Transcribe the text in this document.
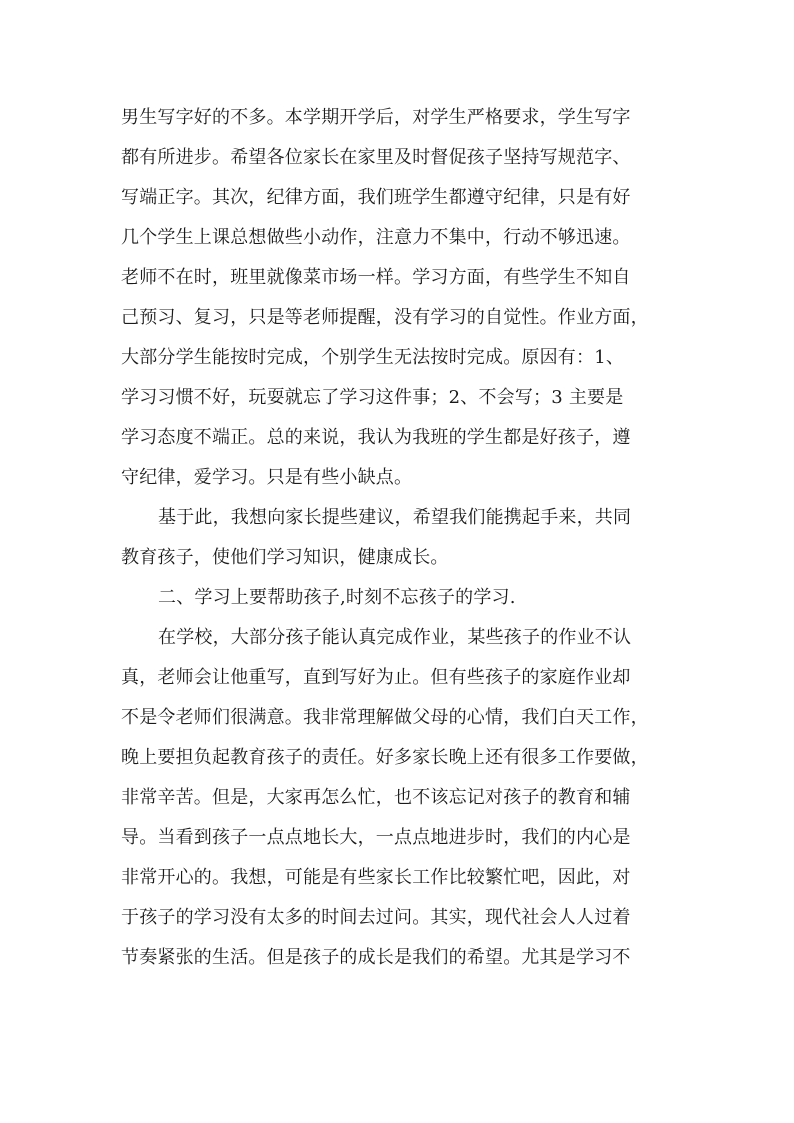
男生写字好的不多。本学期开学后，对学生严格要求，学生写字
都有所进步。希望各位家长在家里及时督促孩子坚持写规范字、
写端正字。其次，纪律方面，我们班学生都遵守纪律，只是有好
几个学生上课总想做些小动作，注意力不集中，行动不够迅速。
老师不在时，班里就像菜市场一样。学习方面，有些学生不知自
己预习、复习，只是等老师提醒，没有学习的自觉性。作业方面，
大部分学生能按时完成，个别学生无法按时完成。原因有：1、
学习习惯不好，玩耍就忘了学习这件事；2、不会写；3 主要是
学习态度不端正。总的来说，我认为我班的学生都是好孩子，遵
守纪律，爱学习。只是有些小缺点。
基于此，我想向家长提些建议，希望我们能携起手来，共同
教育孩子，使他们学习知识，健康成长。
二、学习上要帮助孩子,时刻不忘孩子的学习.
在学校，大部分孩子能认真完成作业，某些孩子的作业不认
真，老师会让他重写，直到写好为止。但有些孩子的家庭作业却
不是令老师们很满意。我非常理解做父母的心情，我们白天工作，
晚上要担负起教育孩子的责任。好多家长晚上还有很多工作要做，
非常辛苦。但是，大家再怎么忙，也不该忘记对孩子的教育和辅
导。当看到孩子一点点地长大，一点点地进步时，我们的内心是
非常开心的。我想，可能是有些家长工作比较繁忙吧，因此，对
于孩子的学习没有太多的时间去过问。其实，现代社会人人过着
节奏紧张的生活。但是孩子的成长是我们的希望。尤其是学习不
